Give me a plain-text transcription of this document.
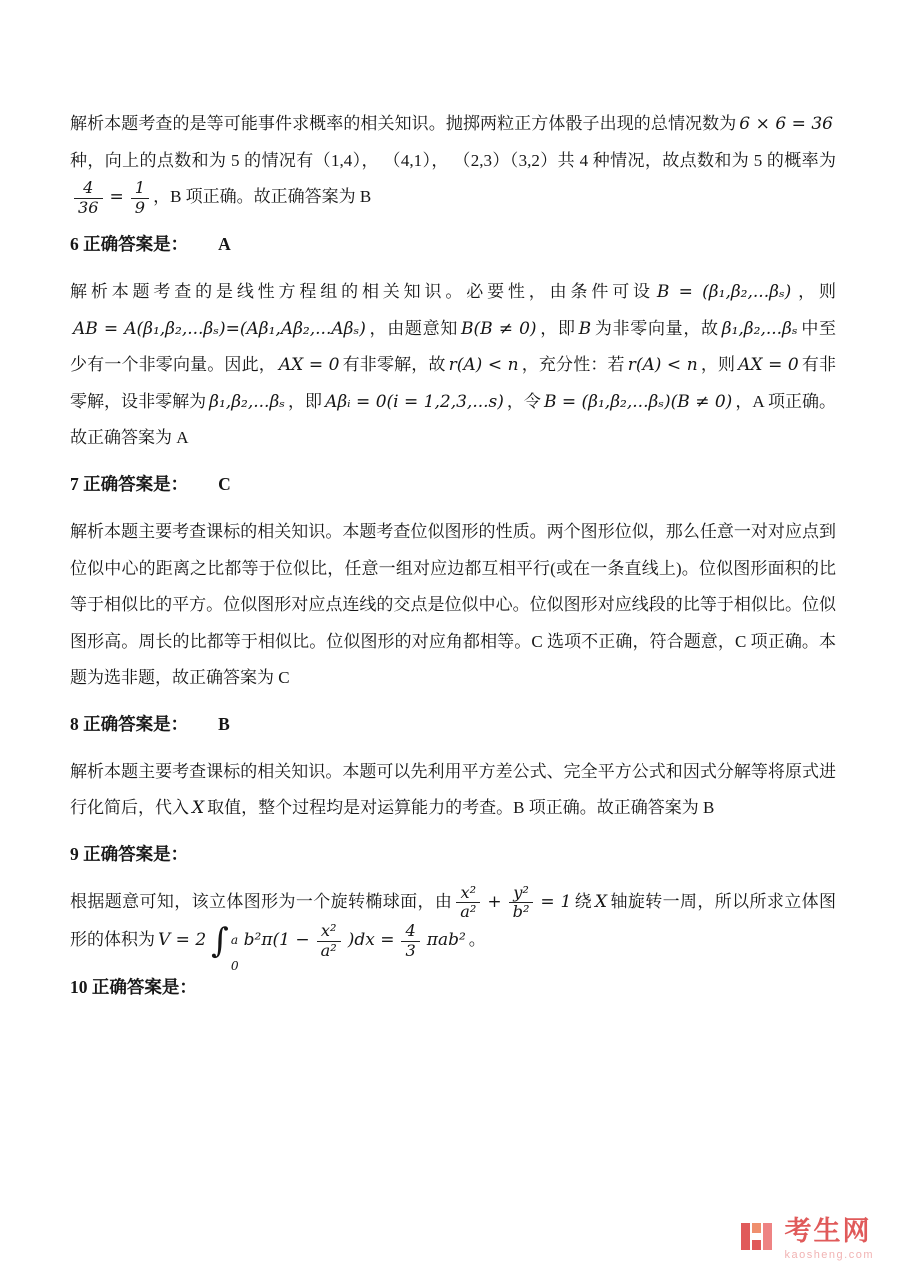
解析本题考查的是等可能事件求概率的相关知识。抛掷两粒正方体骰子出现的总情况数为 6 × 6 = 36种，向上的点数和为 5 的情况有（1,4）， （4,1）， （2,3）（3,2）共 4 种情况，故点数和为 5 的概率为
$\frac{4}{36} = \frac{1}{9}$ ，B 项正确。故正确答案为 B

6 正确答案是： A

解析本题考查的是线性方程组的相关知识。必要性，由条件可设 B = (β₁,β₂,...βₛ) ，则AB = A(β₁,β₂,...βₛ)=(Aβ₁,Aβ₂,...Aβₛ) ，由题意知 B(B ≠ 0) ，即 B 为非零向量，故 β₁,β₂,...βₛ 中至少有一个非零向量。因此， AX = 0 有非零解，故 r(A) < n ，充分性：若 r(A) < n ，则 AX = 0 有非零解，设非零解为 β₁,β₂,...βₛ ，即 Aβᵢ = 0(i = 1,2,3,...s) ，令 B = (β₁,β₂,...βₛ)(B ≠ 0) ，A 项正确。故正确答案为 A

7 正确答案是： C

解析本题主要考查课标的相关知识。本题考查位似图形的性质。两个图形位似，那么任意一对对应点到位似中心的距离之比都等于位似比，任意一组对应边都互相平行(或在一条直线上)。位似图形面积的比等于相似比的平方。位似图形对应点连线的交点是位似中心。位似图形对应线段的比等于相似比。位似图形高。周长的比都等于相似比。位似图形的对应角都相等。C 选项不正确，符合题意，C 项正确。本题为选非题，故正确答案为 C

8 正确答案是： B

解析本题主要考查课标的相关知识。本题可以先利用平方差公式、完全平方公式和因式分解等将原式进行化简后，代入 X 取值，整个过程均是对运算能力的考查。B 项正确。故正确答案为 B

9 正确答案是：

根据题意可知，该立体图形为一个旋转椭球面，由 $\frac{\text{x²}}{\text{a²}} + \frac{\text{y²}}{\text{b²}} = 1$ 绕 X 轴旋转一周，所以所求立体图形的体积为 V = 2 ∫ a
0
$b^2\pi(1 - \frac{\text{x²}}{\text{a²}} )dx = \frac{4}{3} \pi ab^2$ 。

10 正确答案是：
考生网
kaosheng.com
